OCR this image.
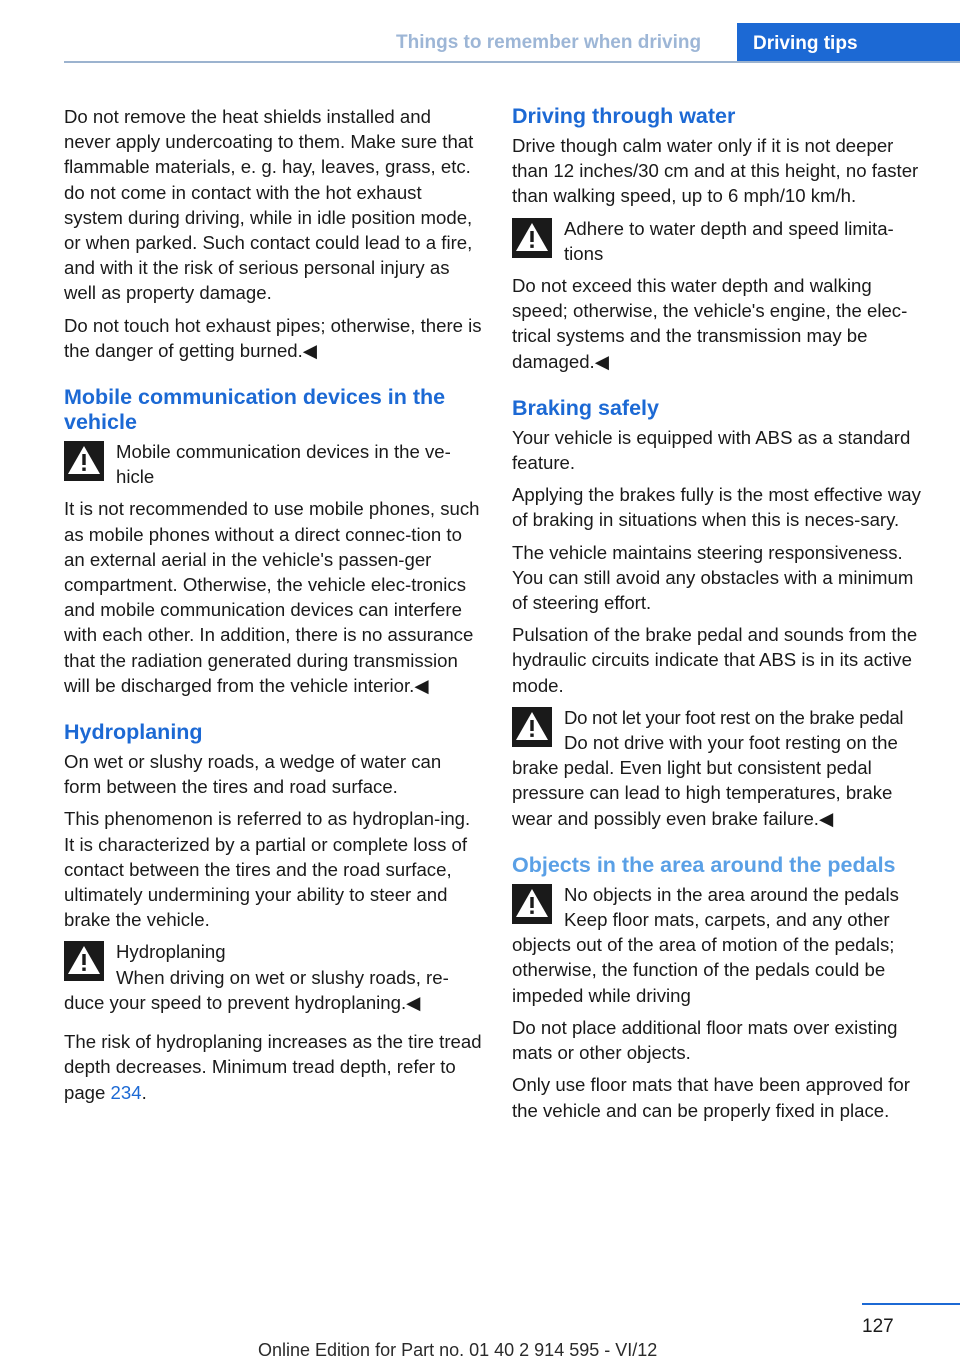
Things to remember when driving	Driving tips

Do not remove the heat shields installed and never apply undercoating to them. Make sure that flammable materials, e. g. hay, leaves, grass, etc. do not come in contact with the hot exhaust system during driving, while in idle position mode, or when parked. Such contact could lead to a fire, and with it the risk of serious personal injury as well as property damage.

Do not touch hot exhaust pipes; otherwise, there is the danger of getting burned.◀

Mobile communication devices in the vehicle
Mobile communication devices in the ve‐
hicle

It is not recommended to use mobile phones, such as mobile phones without a direct connec‐tion to an external aerial in the vehicle's passen‐ger compartment. Otherwise, the vehicle elec‐tronics and mobile communication devices can interfere with each other. In addition, there is no assurance that the radiation generated during transmission will be discharged from the vehicle interior.◀

Hydroplaning

On wet or slushy roads, a wedge of water can form between the tires and road surface.

This phenomenon is referred to as hydroplan‐ing. It is characterized by a partial or complete loss of contact between the tires and the road surface, ultimately undermining your ability to steer and brake the vehicle.

Hydroplaning
When driving on wet or slushy roads, re‐

duce your speed to prevent hydroplaning.◀

The risk of hydroplaning increases as the tire tread depth decreases. Minimum tread depth, refer to page 234.

Driving through water

Drive though calm water only if it is not deeper than 12 inches/30 cm and at this height, no faster than walking speed, up to 6 mph/10 km/h.

Adhere to water depth and speed limita‐
tions

Do not exceed this water depth and walking speed; otherwise, the vehicle's engine, the elec‐trical systems and the transmission may be damaged.◀

Braking safely

Your vehicle is equipped with ABS as a standard feature.

Applying the brakes fully is the most effective way of braking in situations when this is neces‐sary.

The vehicle maintains steering responsiveness. You can still avoid any obstacles with a minimum of steering effort.

Pulsation of the brake pedal and sounds from the hydraulic circuits indicate that ABS is in its active mode.

Do not let your foot rest on the brake pedal
Do not drive with your foot resting on the

brake pedal. Even light but consistent pedal pressure can lead to high temperatures, brake wear and possibly even brake failure.◀

Objects in the area around the pedals
No objects in the area around the pedals
Keep floor mats, carpets, and any other

objects out of the area of motion of the pedals; otherwise, the function of the pedals could be impeded while driving

Do not place additional floor mats over existing mats or other objects.

Only use floor mats that have been approved for the vehicle and can be properly fixed in place.

127
Online Edition for Part no. 01 40 2 914 595 - VI/12
